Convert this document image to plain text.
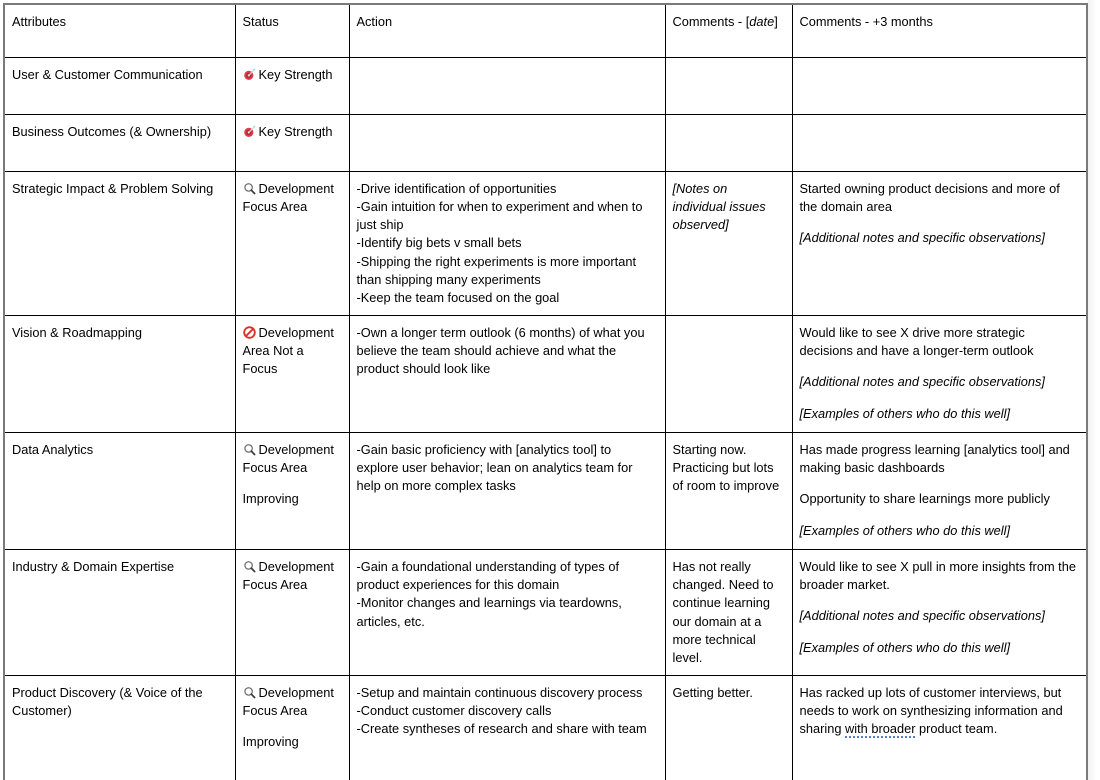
Attributes	Status	Action	Comments - [date]	Comments - +3 months
User & Customer Communication	Key Strength			

Business Outcomes (& Ownership)	Key Strength			

Strategic Impact & Problem Solving	Development Focus Area	-Drive identification of opportunities
-Gain intuition for when to experiment and when to just ship
-Identify big bets v small bets
-Shipping the right experiments is more important than shipping many experiments
-Keep the team focused on the goal	[Notes on individual issues observed]	Started owning product decisions and more of the domain area
[Additional notes and specific observations]

Vision & Roadmapping	Development Area Not a Focus	-Own a longer term outlook (6 months) of what you believe the team should achieve and what the product should look like		Would like to see X drive more strategic decisions and have a longer-term outlook
[Additional notes and specific observations]
[Examples of others who do this well]

Data Analytics	Development Focus Area
Improving	-Gain basic proficiency with [analytics tool] to explore user behavior; lean on analytics team for help on more complex tasks	Starting now. Practicing but lots of room to improve	Has made progress learning [analytics tool] and making basic dashboards
Opportunity to share learnings more publicly
[Examples of others who do this well]

Industry & Domain Expertise	Development Focus Area	-Gain a foundational understanding of types of product experiences for this domain
-Monitor changes and learnings via teardowns, articles, etc.	Has not really changed. Need to continue learning our domain at a more technical level.	Would like to see X pull in more insights from the broader market.
[Additional notes and specific observations]
[Examples of others who do this well]

Product Discovery (& Voice of the Customer)	Development Focus Area
Improving	-Setup and maintain continuous discovery process
-Conduct customer discovery calls
-Create syntheses of research and share with team	Getting better.	Has racked up lots of customer interviews, but needs to work on synthesizing information and sharing with broader product team.
